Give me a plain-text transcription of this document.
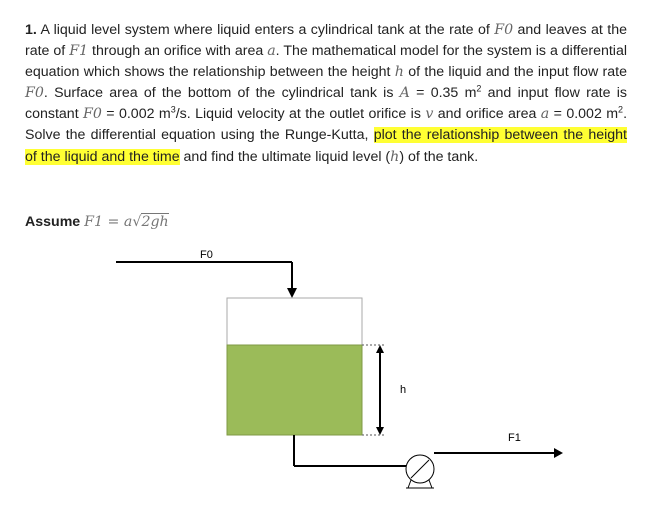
1. A liquid level system where liquid enters a cylindrical tank at the rate of F0 and leaves at the rate of F1 through an orifice with area a. The mathematical model for the system is a differential equation which shows the relationship between the height h of the liquid and the input flow rate F0. Surface area of the bottom of the cylindrical tank is A = 0.35 $m^2$ and input flow rate is constant F0 = 0.002 $m^3/s$. Liquid velocity at the outlet orifice is v and orifice area a = 0.002 $m^2$. Solve the differential equation using the Runge-Kutta, plot the relationship between the height of the liquid and the time and find the ultimate liquid level (h) of the tank.
Assume F1 = a√2gh
F0
h
F1
